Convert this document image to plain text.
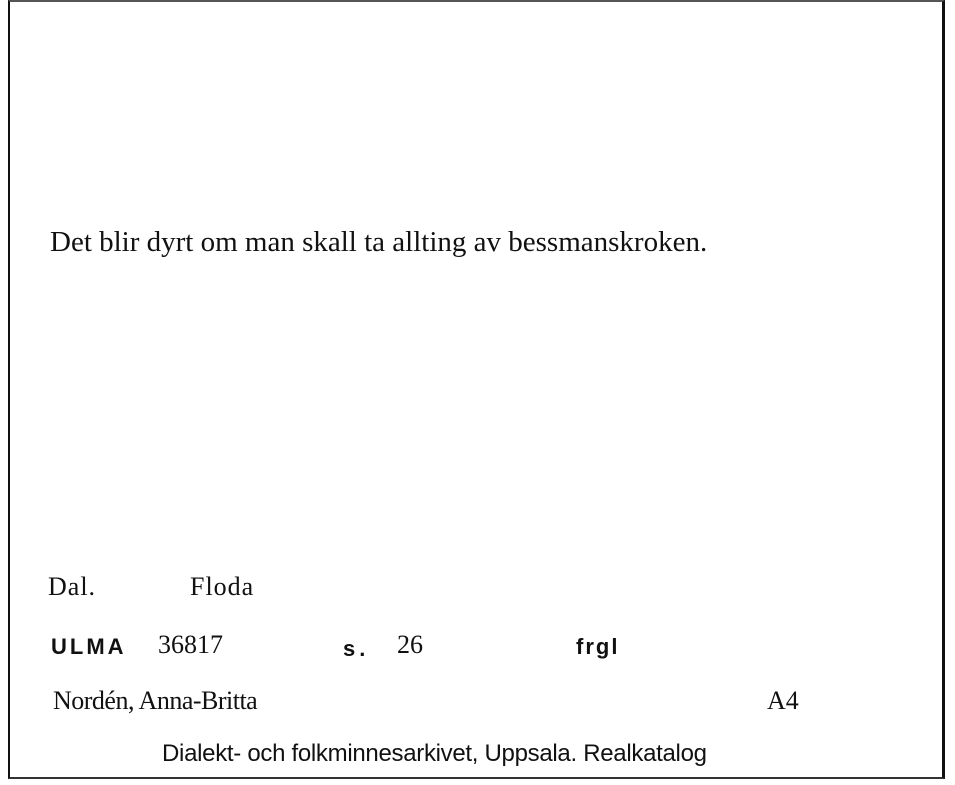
Det blir dyrt om man skall ta allting av bessmanskroken.
Dal.	Floda
ULMA 36817	s. 26	frgl
Nordén, Anna-Britta	A4
Dialekt- och folkminnesarkivet, Uppsala. Realkatalog
